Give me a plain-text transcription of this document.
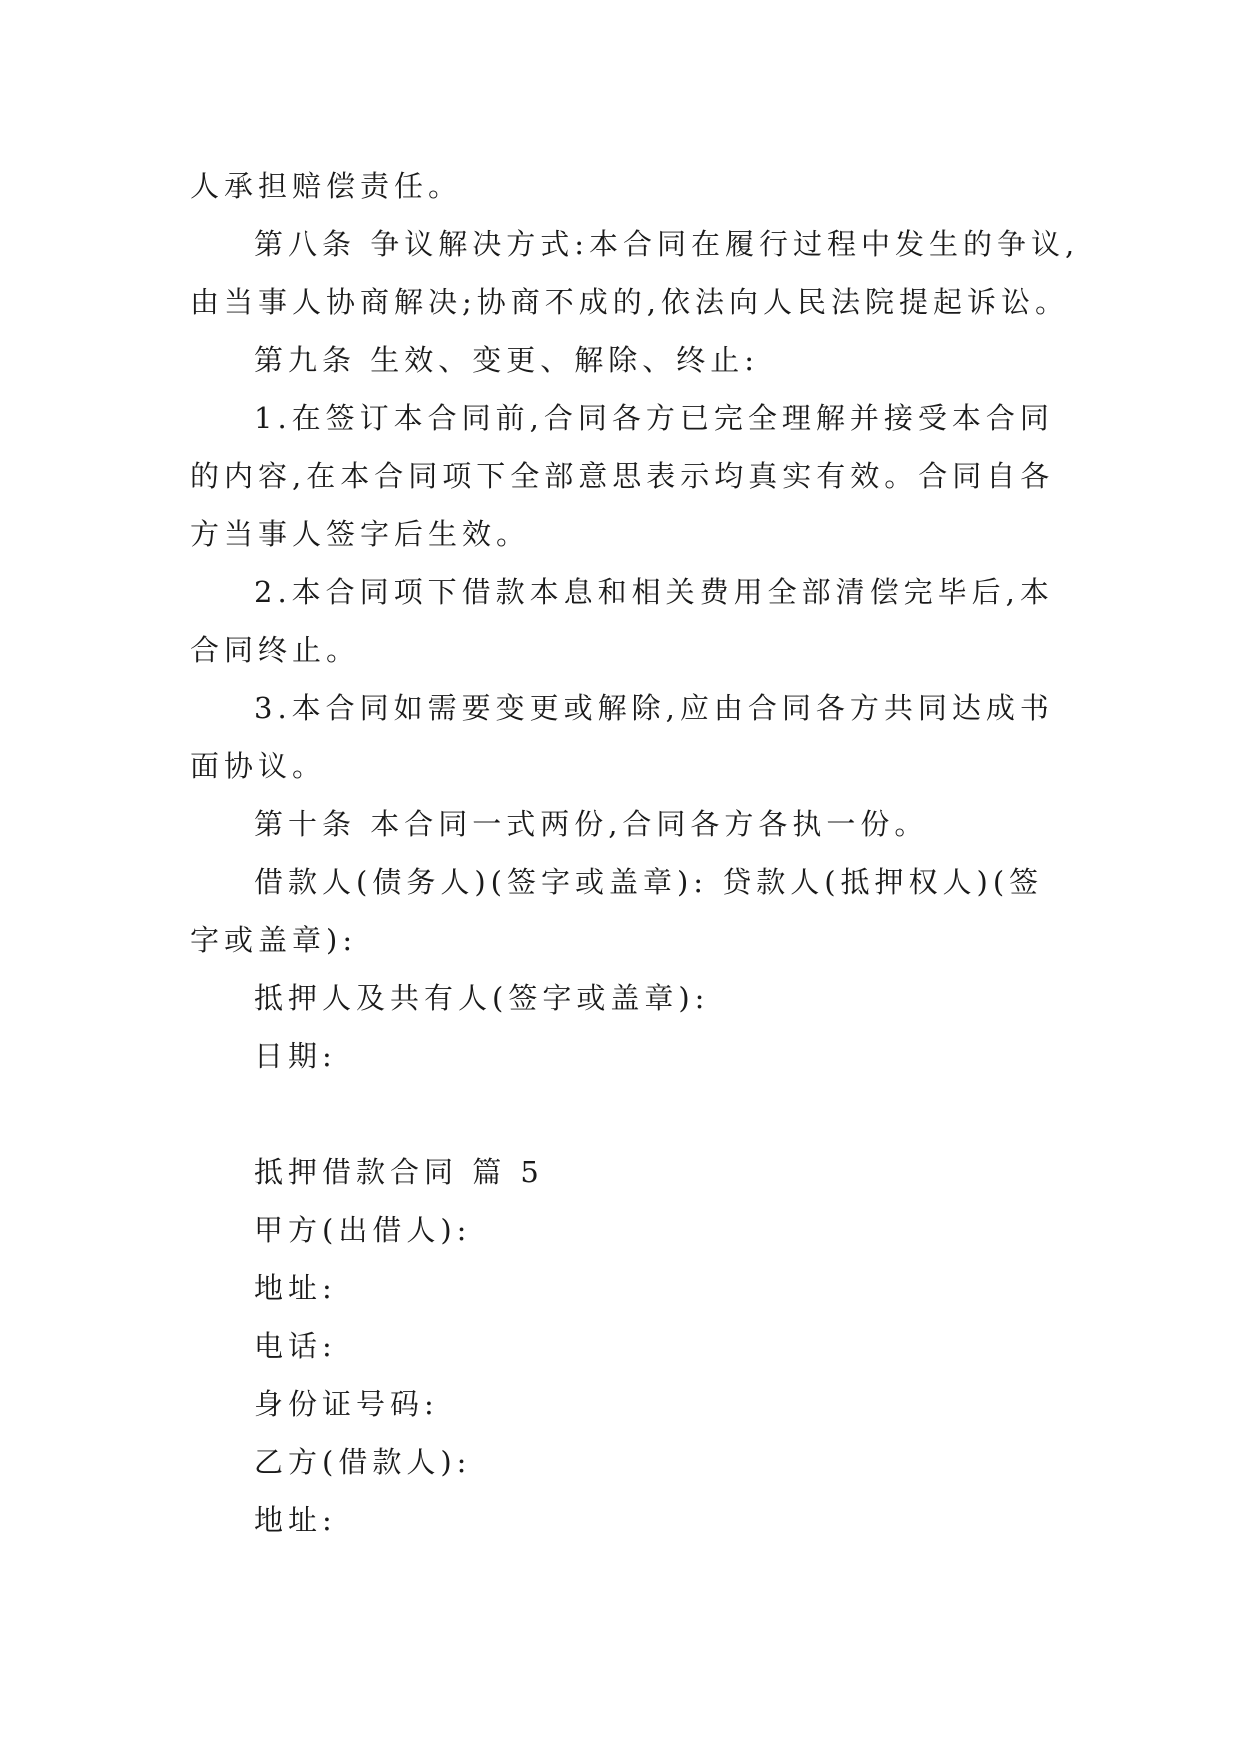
人承担赔偿责任。
第八条 争议解决方式:本合同在履行过程中发生的争议,
由当事人协商解决;协商不成的,依法向人民法院提起诉讼。
第九条 生效、变更、解除、终止:
1.在签订本合同前,合同各方已完全理解并接受本合同
的内容,在本合同项下全部意思表示均真实有效。合同自各
方当事人签字后生效。
2.本合同项下借款本息和相关费用全部清偿完毕后,本
合同终止。
3.本合同如需要变更或解除,应由合同各方共同达成书
面协议。
第十条 本合同一式两份,合同各方各执一份。
借款人(债务人)(签字或盖章): 贷款人(抵押权人)(签
字或盖章):
抵押人及共有人(签字或盖章):
日期:
抵押借款合同 篇 5
甲方(出借人):
地址:
电话:
身份证号码:
乙方(借款人):
地址:
